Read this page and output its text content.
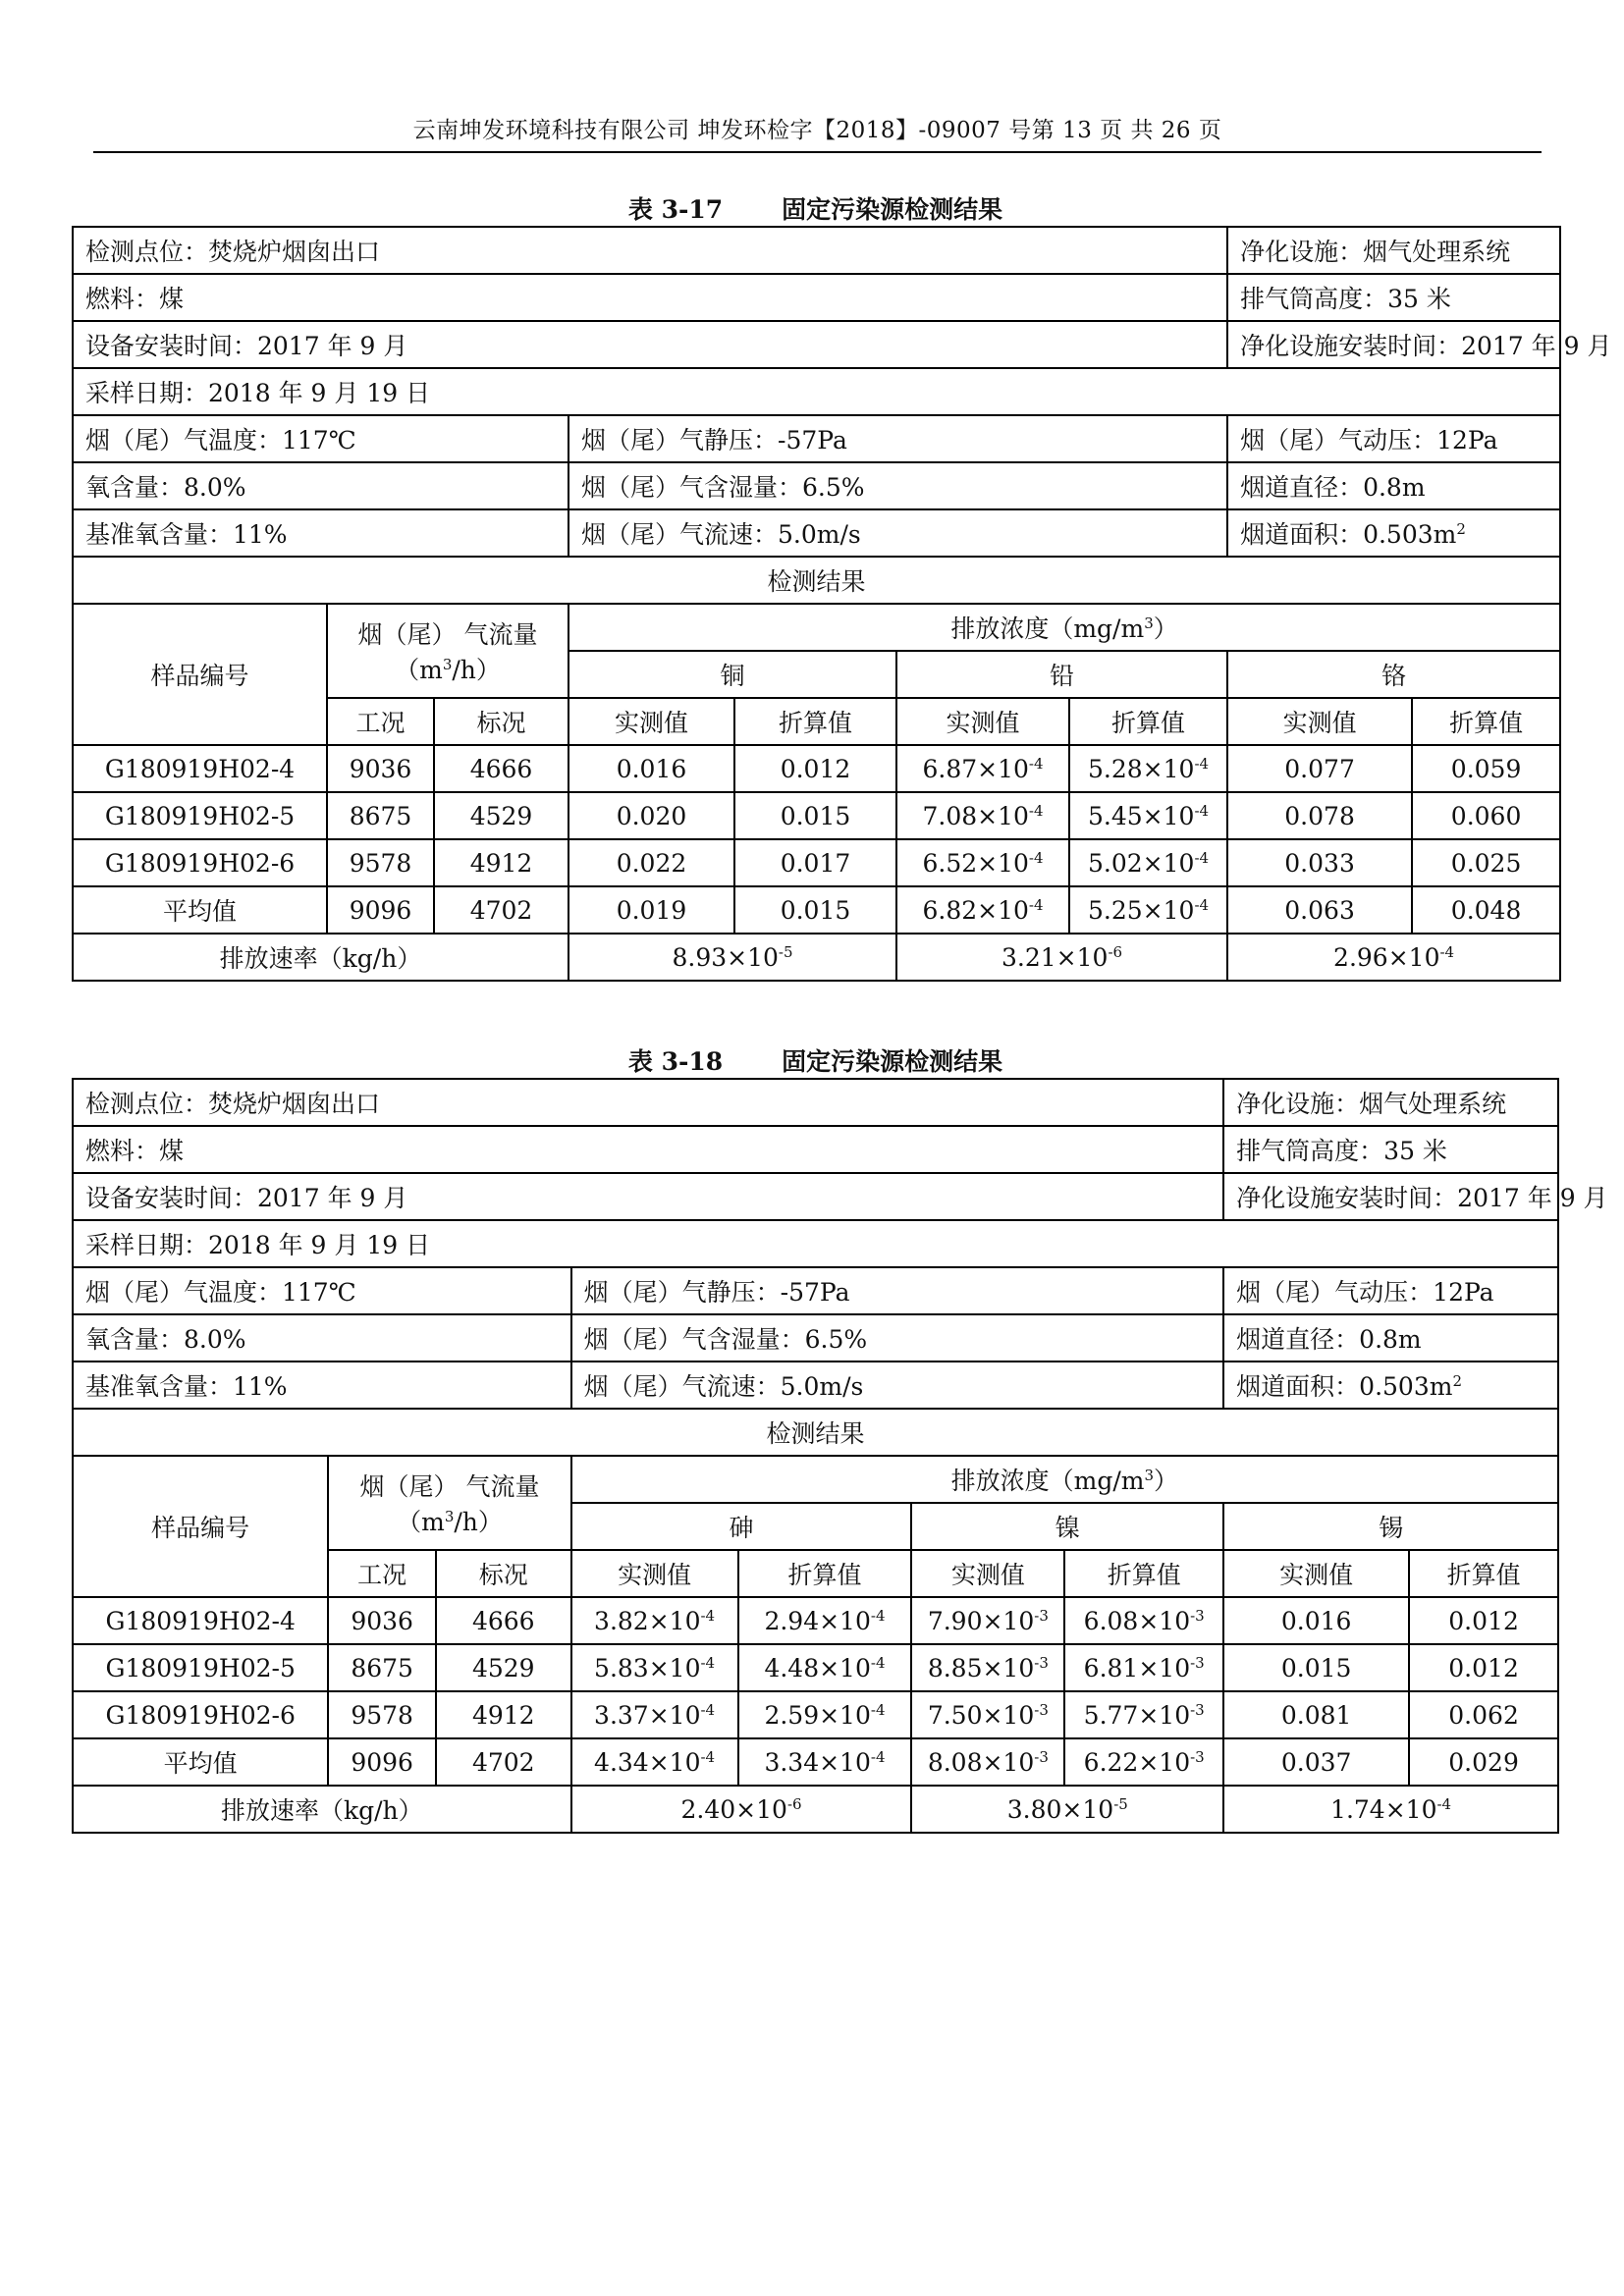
云南坤发环境科技有限公司 坤发环检字【2018】-09007 号第 13 页 共 26 页
表 3-17 固定污染源检测结果
检测点位：焚烧炉烟囱出口							净化设施：烟气处理系统	
燃料：煤							排气筒高度：35 米	
设备安装时间：2017 年 9 月							净化设施安装时间：2017 年 9 月	
采样日期：2018 年 9 月 19 日								
烟（尾）气温度：117℃			烟（尾）气静压：-57Pa				烟（尾）气动压：12Pa	
氧含量：8.0%			烟（尾）气含湿量：6.5%				烟道直径：0.8m	
基准氧含量：11%			烟（尾）气流速：5.0m/s				烟道面积：$0.503m^2$
检测结果								
样品编号	烟（尾） 气流量
$(m^3/h)$		排放浓度$(mg/m^3)$					
			铜		铅		铬	
	工况	标况	实测值	折算值	实测值	折算值	实测值	折算值
G180919H02-4	9036	4666	0.016	0.012	$6.87\times 10^{-4}$	$5.28\times 10^{-4}$	0.077	0.059
G180919H02-5	8675	4529	0.020	0.015	$7.08\times 10^{-4}$	$5.45\times 10^{-4}$	0.078	0.060
G180919H02-6	9578	4912	0.022	0.017	$6.52\times 10^{-4}$	$5.02\times 10^{-4}$	0.033	0.025
平均值	9096	4702	0.019	0.015	$6.82\times 10^{-4}$	$5.25\times 10^{-4}$	0.063	0.048
排放速率（kg/h）			$8.93\times 10^{-5}$		$3.21\times 10^{-6}$		$2.96\times 10^{-4}$
表 3-18 固定污染源检测结果
检测点位：焚烧炉烟囱出口							净化设施：烟气处理系统	
燃料：煤							排气筒高度：35 米	
设备安装时间：2017 年 9 月							净化设施安装时间：2017 年 9 月	
采样日期：2018 年 9 月 19 日								
烟（尾）气温度：117℃			烟（尾）气静压：-57Pa				烟（尾）气动压：12Pa	
氧含量：8.0%			烟（尾）气含湿量：6.5%				烟道直径：0.8m	
基准氧含量：11%			烟（尾）气流速：5.0m/s				烟道面积：$0.503m^2$
检测结果								
样品编号	烟（尾） 气流量
$(m^3/h)$		排放浓度$(mg/m^3)$					
			砷		镍		锡	
	工况	标况	实测值	折算值	实测值	折算值	实测值	折算值
G180919H02-4	9036	4666	$3.82\times 10^{-4}$	$2.94\times 10^{-4}$	$7.90\times 10^{-3}$	$6.08\times 10^{-3}$	0.016	0.012
G180919H02-5	8675	4529	$5.83\times 10^{-4}$	$4.48\times 10^{-4}$	$8.85\times 10^{-3}$	$6.81\times 10^{-3}$	0.015	0.012
G180919H02-6	9578	4912	$3.37\times 10^{-4}$	$2.59\times 10^{-4}$	$7.50\times 10^{-3}$	$5.77\times 10^{-3}$	0.081	0.062
平均值	9096	4702	$4.34\times 10^{-4}$	$3.34\times 10^{-4}$	$8.08\times 10^{-3}$	$6.22\times 10^{-3}$	0.037	0.029
排放速率（kg/h）			$2.40\times 10^{-6}$		$3.80\times 10^{-5}$		$1.74\times 10^{-4}$
